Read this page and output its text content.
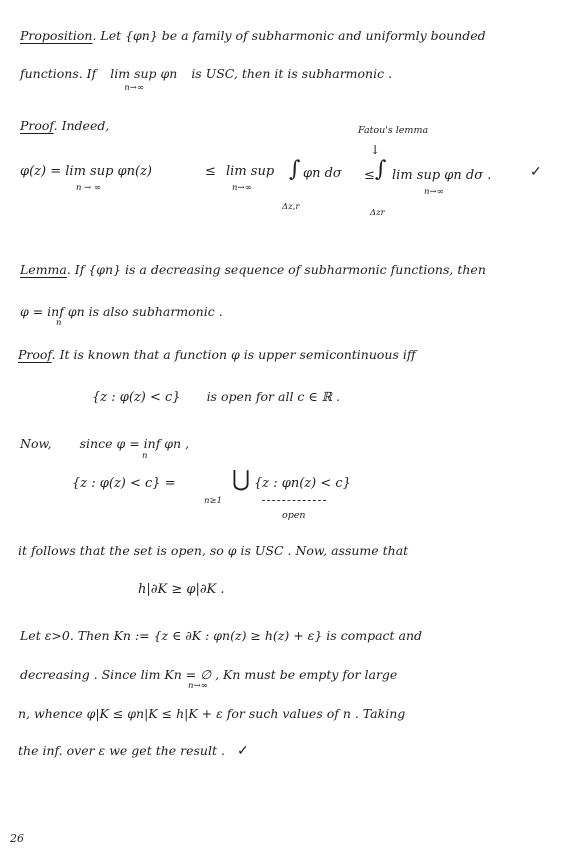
Proposition. Let {φn} be a family of subharmonic and uniformly bounded
functions. If lim sup φn
n→∞
is USC, then it is subharmonic .
Proof. Indeed,	Fatou's lemma
↓
φ(z) = lim sup φn(z)
n → ∞
≤ lim sup
n→∞
∫ φn dσ
Δz,r
≤ ∫ lim sup φn dσ .
n→∞
Δzr
✓
Lemma. If {φn} is a decreasing sequence of subharmonic functions, then
φ = inf φn is also subharmonic .
n
Proof. It is known that a function φ is upper semicontinuous iff
{z : φ(z) < c} is open for all c ∈ ℝ .
Now, since φ = inf φn ,
n
{z : φ(z) < c} =	⋃
n≥1
{z : φn(z) < c}
open
it follows that the set is open, so φ is USC . Now, assume that
h|∂K ≥ φ|∂K .
Let ε>0. Then Kn := {z ∈ ∂K : φn(z) ≥ h(z) + ε} is compact and
decreasing . Since lim Kn = ∅ , Kn must be empty for large
n→∞
n, whence φ|K ≤ φn|K ≤ h|K + ε for such values of n . Taking
the inf. over ε we get the result . ✓
26
